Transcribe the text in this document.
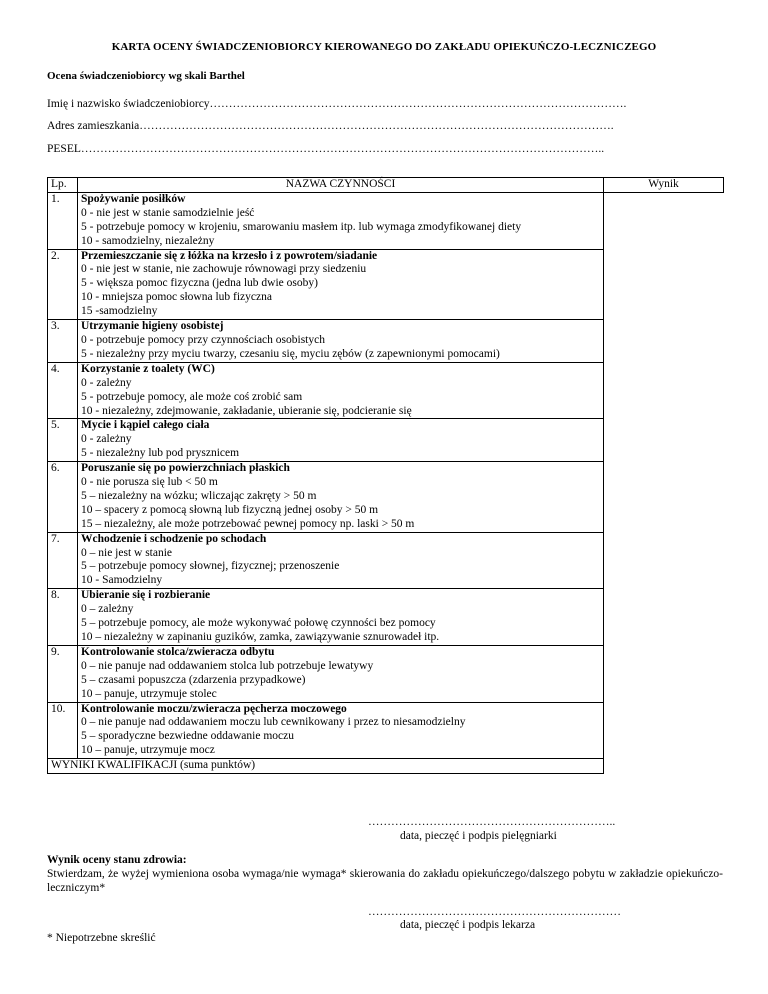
KARTA OCENY ŚWIADCZENIOBIORCY KIEROWANEGO DO ZAKŁADU OPIEKUŃCZO-LECZNICZEGO
Ocena świadczeniobiorcy wg skali Barthel
Imię i nazwisko świadczeniobiorcy……………………………………………………………………………………………….
Adres zamieszkania…………………………………………………………………………………………………………….
PESEL………………………………………………………………………………………………………………………..
Lp.	NAZWA CZYNNOŚCI	Wynik
1.	Spożywanie posiłków
0 - nie jest w stanie samodzielnie jeść
5 - potrzebuje pomocy w krojeniu, smarowaniu masłem itp. lub wymaga zmodyfikowanej diety
10 - samodzielny, niezależny	

2.	Przemieszczanie się z łóżka na krzesło i z powrotem/siadanie
0 - nie jest w stanie, nie zachowuje równowagi przy siedzeniu
5 - większa pomoc fizyczna (jedna lub dwie osoby)
10 - mniejsza pomoc słowna lub fizyczna
15 -samodzielny	

3.	Utrzymanie higieny osobistej
0 - potrzebuje pomocy przy czynnościach osobistych
5 - niezależny przy myciu twarzy, czesaniu się, myciu zębów (z zapewnionymi pomocami)	

4.	Korzystanie z toalety (WC)
0 - zależny
5 - potrzebuje pomocy, ale może coś zrobić sam
10 - niezależny, zdejmowanie, zakładanie, ubieranie się, podcieranie się	

5.	Mycie i kąpiel całego ciała
0 - zależny
5 - niezależny lub pod prysznicem	

6.	Poruszanie się po powierzchniach płaskich
0 - nie porusza się lub < 50 m
5 – niezależny na wózku; wliczając zakręty > 50 m
10 – spacery z pomocą słowną lub fizyczną jednej osoby > 50 m
15 – niezależny, ale może potrzebować pewnej pomocy np. laski > 50 m	

7.	Wchodzenie i schodzenie po schodach
0 – nie jest w stanie
5 – potrzebuje pomocy słownej, fizycznej; przenoszenie
10 - Samodzielny	

8.	Ubieranie się i rozbieranie
0 – zależny
5 – potrzebuje pomocy, ale może wykonywać połowę czynności bez pomocy
10 – niezależny w zapinaniu guzików, zamka, zawiązywanie sznurowadeł itp.	

9.	Kontrolowanie stolca/zwieracza odbytu
0 – nie panuje nad oddawaniem stolca lub potrzebuje lewatywy
5 – czasami popuszcza (zdarzenia przypadkowe)
10 – panuje, utrzymuje stolec	

10.	Kontrolowanie moczu/zwieracza pęcherza moczowego
0 – nie panuje nad oddawaniem moczu lub cewnikowany i przez to niesamodzielny
5 – sporadyczne bezwiedne oddawanie moczu
10 – panuje, utrzymuje mocz	

WYNIKI KWALIFIKACJI (suma punktów)		
………………………………………………………..
data, pieczęć i podpis pielęgniarki
Wynik oceny stanu zdrowia:
Stwierdzam, że wyżej wymieniona osoba wymaga/nie wymaga* skierowania do zakładu opiekuńczego/dalszego pobytu w zakładzie opiekuńczo-leczniczym*
…………………………………………………………
data, pieczęć i podpis lekarza
* Niepotrzebne skreślić
